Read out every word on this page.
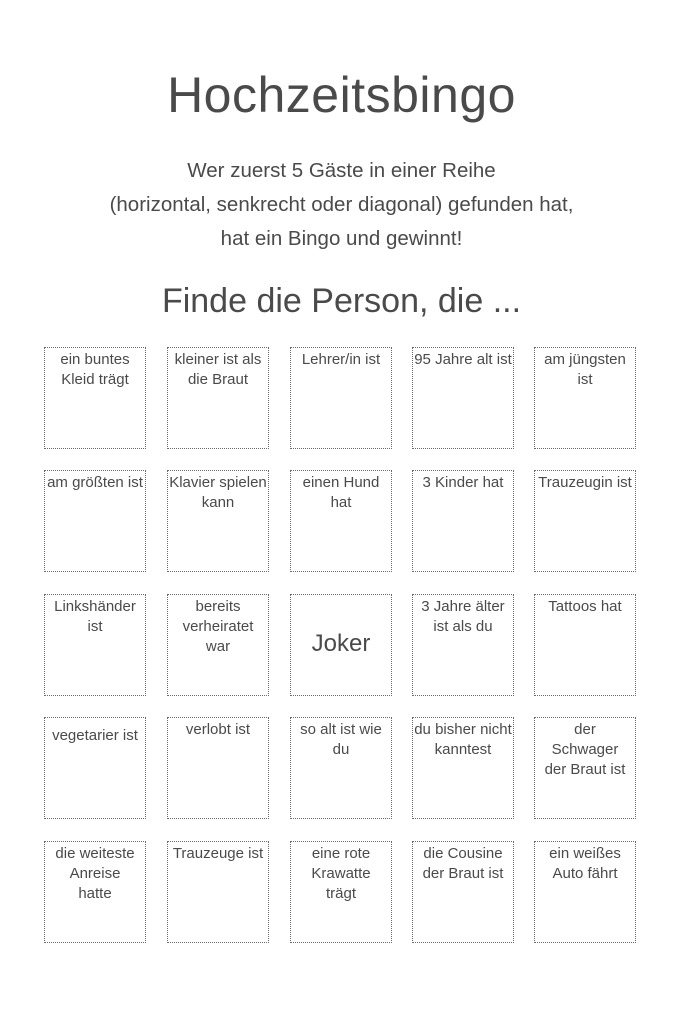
Hochzeitsbingo
Wer zuerst 5 Gäste in einer Reihe
(horizontal, senkrecht oder diagonal) gefunden hat,
hat ein Bingo und gewinnt!
Finde die Person, die ...
ein buntes Kleid trägt
kleiner ist als die Braut
Lehrer/in ist	95 Jahre alt ist	am jüngsten ist
am größten ist Klavier spielen kann
einen Hund hat
3 Kinder hat	Trauzeugin ist
Linkshänder ist
bereits verheiratet war	Joker
3 Jahre älter ist als du
Tattoos hat
vegetarier ist	verlobt ist	so alt ist wie du
du bisher nicht kanntest
der Schwager der Braut ist
die weiteste Anreise hatte
Trauzeuge ist	eine rote Krawatte trägt
die Cousine der Braut ist
ein weißes Auto fährt
